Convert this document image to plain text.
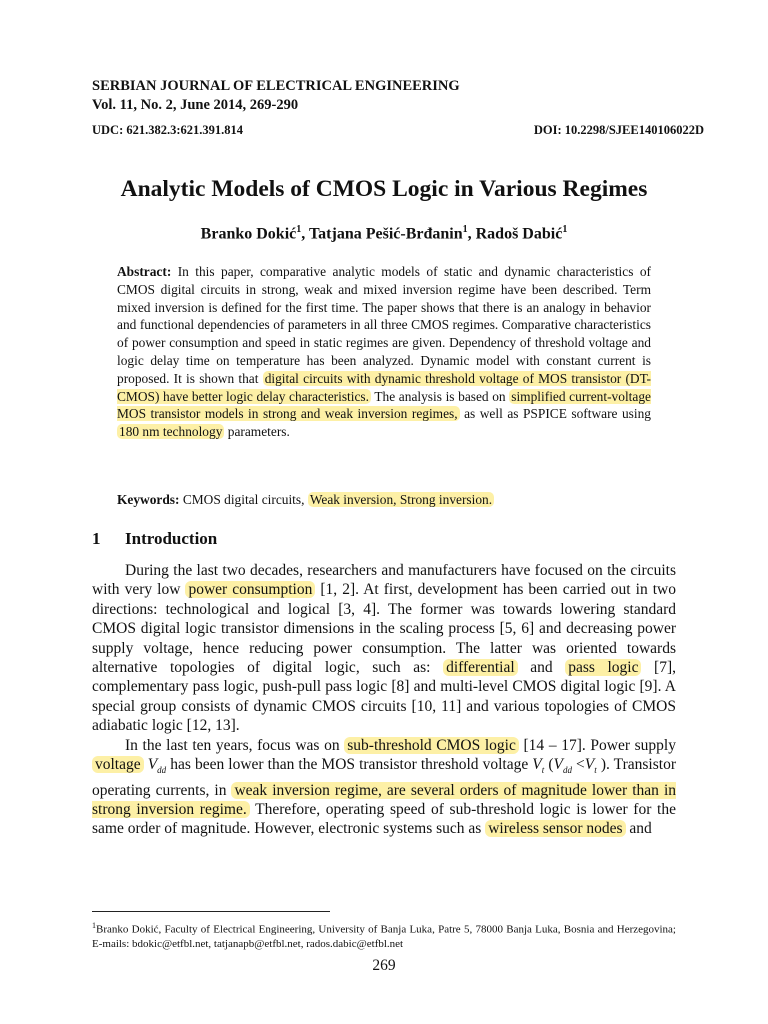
SERBIAN JOURNAL OF ELECTRICAL ENGINEERING
Vol. 11, No. 2, June 2014, 269-290
UDC: 621.382.3:621.391.814	DOI: 10.2298/SJEE140106022D
Analytic Models of CMOS Logic in Various Regimes
Branko Dokić$^1$, Tatjana Pešić-Brđanin$^1$, Radoš Dabić$^1$
Abstract: In this paper, comparative analytic models of static and dynamic characteristics of CMOS digital circuits in strong, weak and mixed inversion regime have been described. Term mixed inversion is defined for the first time. The paper shows that there is an analogy in behavior and functional dependencies of parameters in all three CMOS regimes. Comparative characteristics of power consumption and speed in static regimes are given. Dependency of threshold voltage and logic delay time on temperature has been analyzed. Dynamic model with constant current is proposed. It is shown that digital circuits with dynamic threshold voltage of MOS transistor (DT-CMOS) have better logic delay characteristics. The analysis is based on simplified current-voltage MOS transistor models in strong and weak inversion regimes, as well as PSPICE software using 180 nm technology parameters.
Keywords: CMOS digital circuits, Weak inversion, Strong inversion.
1 Introduction

During the last two decades, researchers and manufacturers have focused on the circuits with very low power consumption [1, 2]. At first, development has been carried out in two directions: technological and logical [3, 4]. The former was towards lowering standard CMOS digital logic transistor dimensions in the scaling process [5, 6] and decreasing power supply voltage, hence reducing power consumption. The latter was oriented towards alternative topologies of digital logic, such as: differential and pass logic [7], complementary pass logic, push-pull pass logic [8] and multi-level CMOS digital logic [9]. A special group consists of dynamic CMOS circuits [10, 11] and various topologies of CMOS adiabatic logic [12, 13].

In the last ten years, focus was on sub-threshold CMOS logic [14 – 17]. Power supply voltage $V_{dd}$ has been lower than the MOS transistor threshold voltage $V_t$ ($V_{dd} <V_t$ ). Transistor operating currents, in weak inversion regime, are several orders of magnitude lower than in strong inversion regime. Therefore, operating speed of sub-threshold logic is lower for the same order of magnitude. However, electronic systems such as wireless sensor nodes and

$^1$Branko Dokić, Faculty of Electrical Engineering, University of Banja Luka, Patre 5, 78000 Banja Luka, Bosnia and Herzegovina; E-mails: bdokic@etfbl.net, tatjanapb@etfbl.net, rados.dabic@etfbl.net
269
